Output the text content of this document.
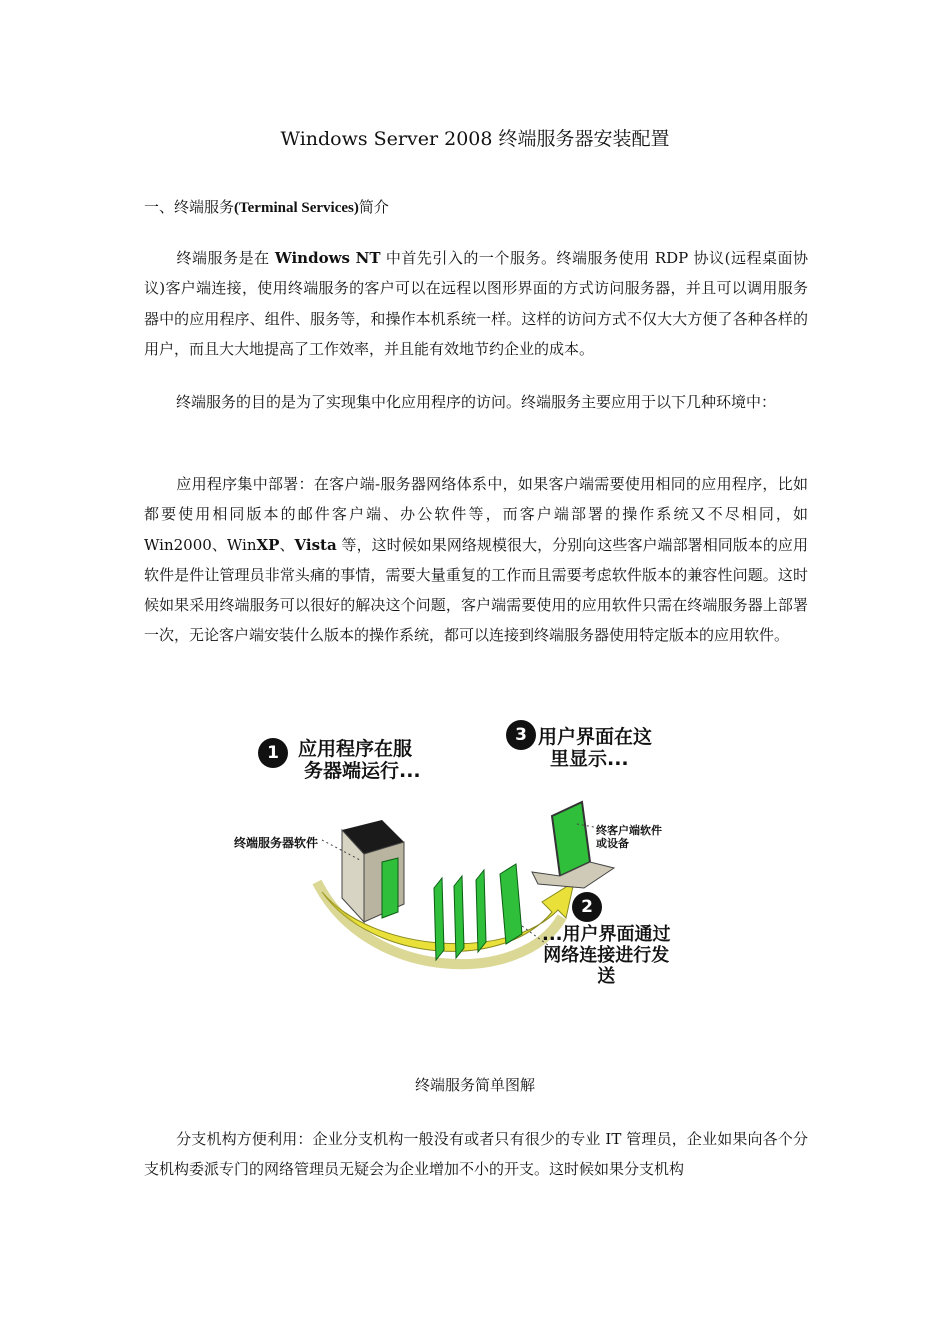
Windows Server 2008 终端服务器安装配置
一、终端服务(Terminal Services)简介
终端服务是在 Windows NT 中首先引入的一个服务。终端服务使用 RDP 协议(远程桌面协议)客户端连接，使用终端服务的客户可以在远程以图形界面的方式访问服务器，并且可以调用服务器中的应用程序、组件、服务等，和操作本机系统一样。这样的访问方式不仅大大方便了各种各样的用户，而且大大地提高了工作效率，并且能有效地节约企业的成本。
终端服务的目的是为了实现集中化应用程序的访问。终端服务主要应用于以下几种环境中：
应用程序集中部署：在客户端-服务器网络体系中，如果客户端需要使用相同的应用程序，比如都要使用相同版本的邮件客户端、办公软件等，而客户端部署的操作系统又不尽相同，如 Win2000、WinXP、Vista 等，这时候如果网络规模很大，分别向这些客户端部署相同版本的应用软件是件让管理员非常头痛的事情，需要大量重复的工作而且需要考虑软件版本的兼容性问题。这时候如果采用终端服务可以很好的解决这个问题，客户端需要使用的应用软件只需在终端服务器上部署一次，无论客户端安装什么版本的操作系统，都可以连接到终端服务器使用特定版本的应用软件。
1	应用程序在服
务器端运行...
3 用户界面在这
里显示...
终端服务器软件
终客户端软件
或设备
2
...用户界面通过
网络连接进行发
送
终端服务简单图解
分支机构方便利用：企业分支机构一般没有或者只有很少的专业 IT 管理员，企业如果向各个分支机构委派专门的网络管理员无疑会为企业增加不小的开支。这时候如果分支机构
